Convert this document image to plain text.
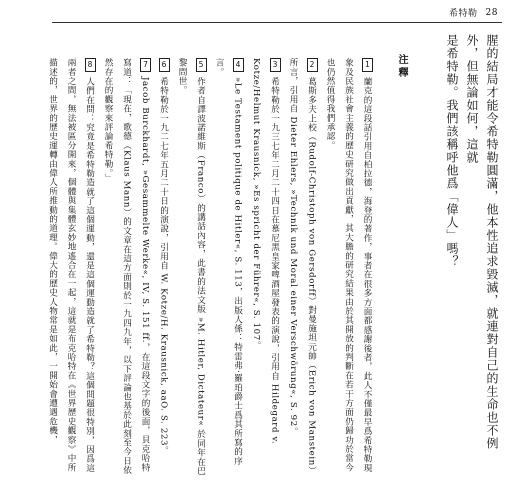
希特勒 28

腥的結局才能令希特勒圓滿，他本性追求毀滅，就連對自己的生命也不例外，但無論如何，這就

是希特勒。我們該稱呼他爲「偉人」嗎？

注釋

1 蘭克的這段話引用自柏拉德，海登的著作，事者在很多方面都感謝後者，此人不僅最早爲希特勒現象及民族社會主義的歷史研究做出貢獻，其大膽的研究結果由於其開放的判斷在若干方面仍歸功於當今也仍然值得我們承認。

2 葛斯多夫上校（Rudolf-Christoph von Gersdorff）對曼施坦元帥（Erich von Manstein）所言，引用自 Dieter Ehlers, »Technik und Moral einer Verschwörung«, S. 92。

3 希特勒於一九三七年二月二十四日在慕尼黑皇家啤酒屋發表的演說，引用自 Hildegard v. Kotze/Helmut Krausnick, »Es spricht der Führer«, S. 107。

4 »Le Testament politique de Hitler«, S. 113，出版人係：特雷弗·羅珀爵士爲其所寫的序言。

5 作者自譯波諾維斯（Franco）的講話內容，此書的法文版 »M. Hitler, Dictateur« 於同年在巴黎問世。

6 希特勒於一九二七年五月二十日的演說，引用自 W. Kotze/H. Krausnick, aaO. S. 223。

7 Jacob Burckhardt, »Gesammelte Werke«, IV, S. 151 ff.，在這段文字的後面，貝克哈特寫道：「現在，歌德（Klaus Mann）的文章在這方面則於一九四九年，以下評論也基於此刻至今日依然存在的觀察來評論希特勒。」

8 人們在問：究竟是希特勒造就了這個運動，還是這個運動造就了希特勒？這個問題很特別，因爲這兩者之間，無法被區分開來，個體與集體玄妙地遙合在一起，這就是布克哈特在《世界歷史觀察》中所描述的，世界的歷史運轉由偉人所推動的道理。偉大的歷史人物常是如此，一開始會遭遇危機，
